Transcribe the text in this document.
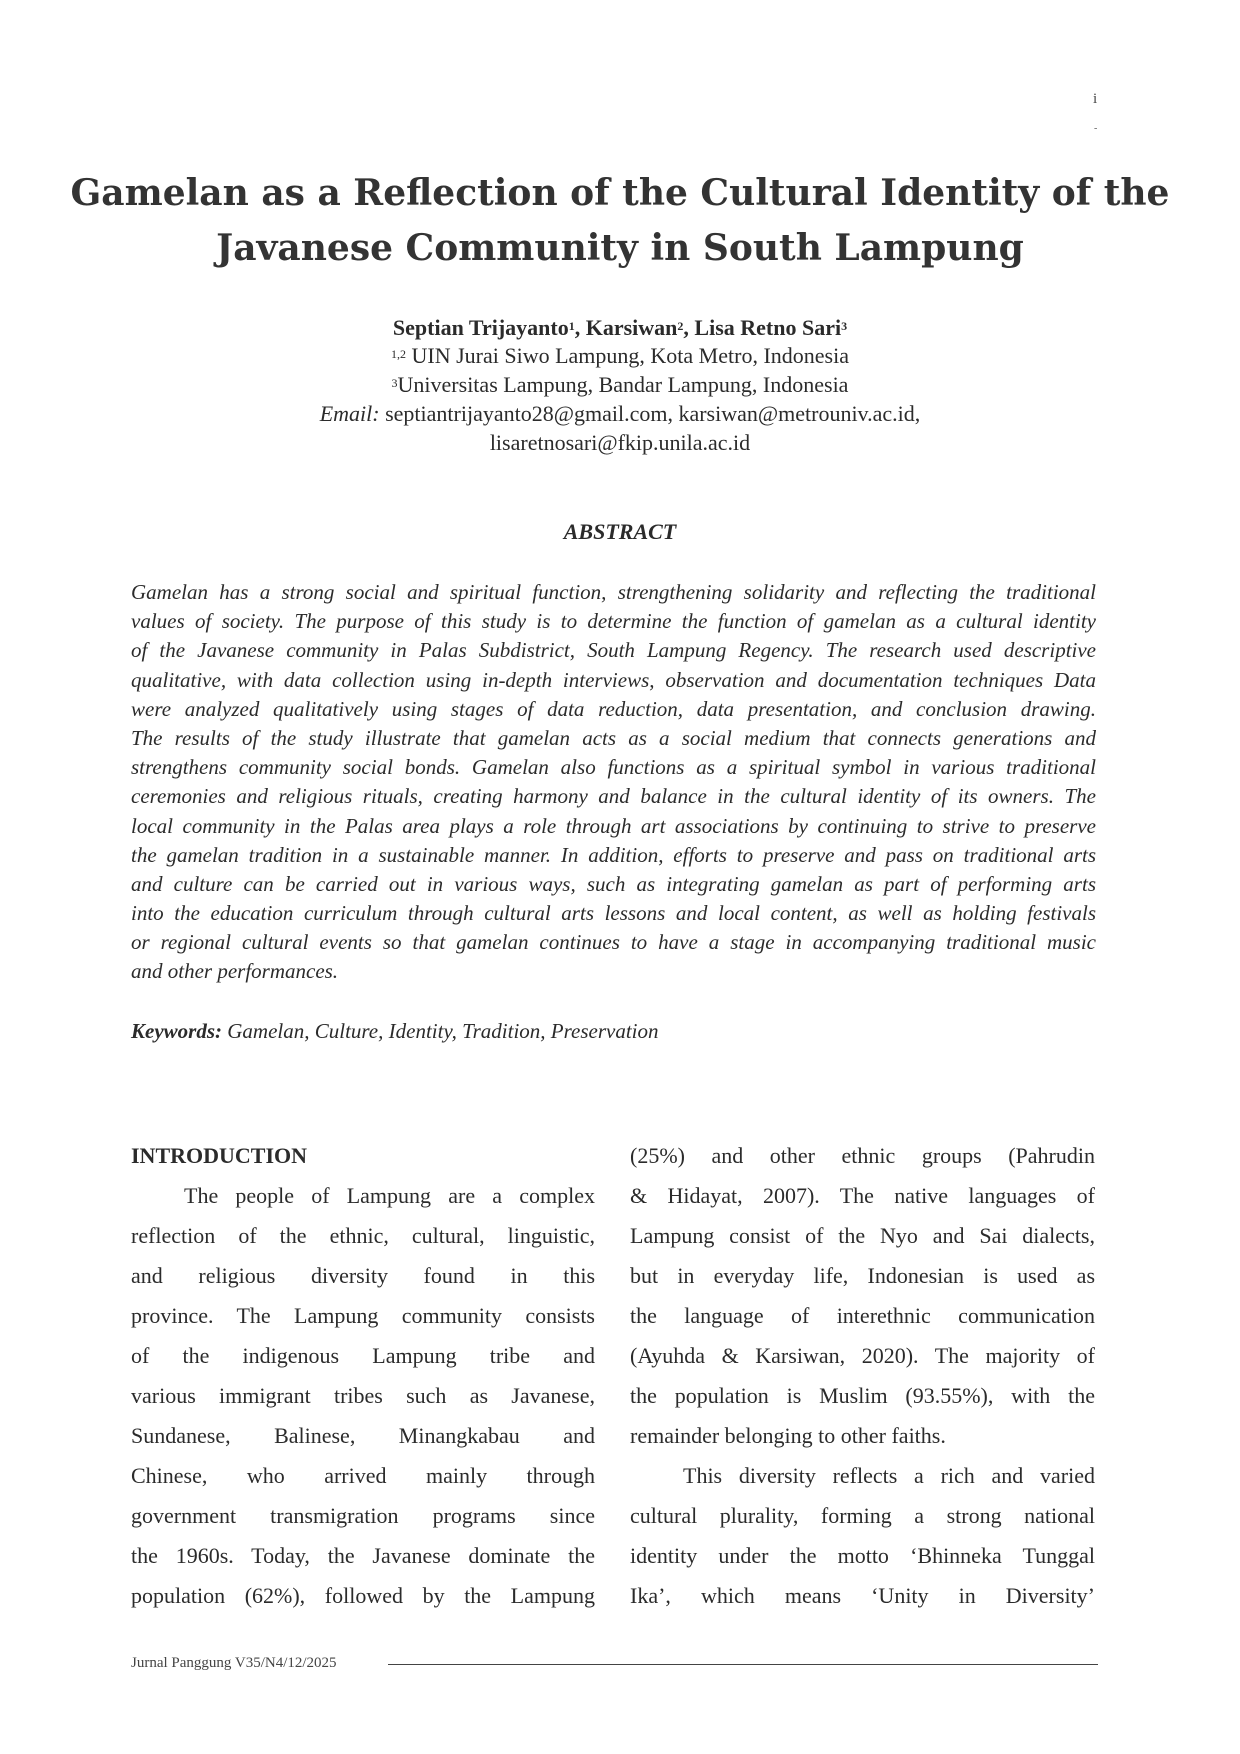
i
-
Gamelan as a Reflection of the Cultural Identity of the
Javanese Community in South Lampung
Septian Trijayanto$^1$, Karsiwan$^2$, Lisa Retno Sari$^3$
$^{1,2}$ UIN Jurai Siwo Lampung, Kota Metro, Indonesia
$^3$Universitas Lampung, Bandar Lampung, Indonesia
Email: septiantrijayanto28@gmail.com, karsiwan@metrouniv.ac.id,
lisaretnosari@fkip.unila.ac.id
ABSTRACT
Gamelan has a strong social and spiritual function, strengthening solidarity and reflecting the traditional
values of society. The purpose of this study is to determine the function of gamelan as a cultural identity
of the Javanese community in Palas Subdistrict, South Lampung Regency. The research used descriptive
qualitative, with data collection using in-depth interviews, observation and documentation techniques Data
were analyzed qualitatively using stages of data reduction, data presentation, and conclusion drawing.
The results of the study illustrate that gamelan acts as a social medium that connects generations and
strengthens community social bonds. Gamelan also functions as a spiritual symbol in various traditional
ceremonies and religious rituals, creating harmony and balance in the cultural identity of its owners. The
local community in the Palas area plays a role through art associations by continuing to strive to preserve
the gamelan tradition in a sustainable manner. In addition, efforts to preserve and pass on traditional arts
and culture can be carried out in various ways, such as integrating gamelan as part of performing arts
into the education curriculum through cultural arts lessons and local content, as well as holding festivals
or regional cultural events so that gamelan continues to have a stage in accompanying traditional music
and other performances.
Keywords: Gamelan, Culture, Identity, Tradition, Preservation
INTRODUCTION
The people of Lampung are a complex
reflection of the ethnic, cultural, linguistic,
and religious diversity found in this
province. The Lampung community consists
of the indigenous Lampung tribe and
various immigrant tribes such as Javanese,
Sundanese, Balinese, Minangkabau and
Chinese, who arrived mainly through
government transmigration programs since
the 1960s. Today, the Javanese dominate the
population (62%), followed by the Lampung
(25%) and other ethnic groups (Pahrudin
& Hidayat, 2007). The native languages of
Lampung consist of the Nyo and Sai dialects,
but in everyday life, Indonesian is used as
the language of interethnic communication
(Ayuhda & Karsiwan, 2020). The majority of
the population is Muslim (93.55%), with the
remainder belonging to other faiths.
This diversity reflects a rich and varied
cultural plurality, forming a strong national
identity under the motto ‘Bhinneka Tunggal
Ika’, which means ‘Unity in Diversity’
Jurnal Panggung V35/N4/12/2025
